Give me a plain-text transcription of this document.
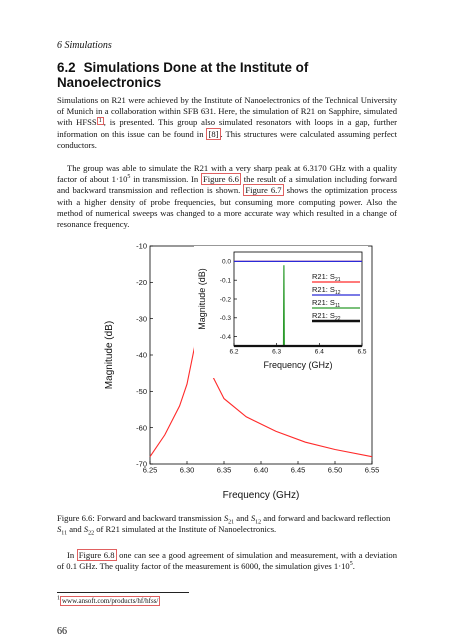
6 Simulations
6.2 Simulations Done at the Institute of Nanoelectronics

Simulations on R21 were achieved by the Institute of Nanoelectronics of the Technical University of Munich in a collaboration within SFB 631. Here, the simulation of R21 on Sapphire, simulated with HFSS $^1$ , is presented. This group also simulated resonators with loops in a gap, further information on this issue can be found in [8] . This structures were calculated assuming perfect conductors.

The group was able to simulate the R21 with a very sharp peak at 6.3170 GHz with a quality factor of about $1\cdot 10^5$ in transmission. In Figure 6.6 the result of a simulation including forward and backward transmission and reflection is shown. Figure 6.7 shows the optimization process with a higher density of probe frequencies, but consuming more computing power. Also the method of numerical sweeps was changed to a more accurate way which resulted in a change of resonance frequency.

6.25	6.30	6.35	6.40	6.45	6.50	6.55
-10
-20
-30
-40
-50
-60
-70
Frequency (GHz)
Magnitude (dB)	6.2	6.3	6.4	6.5
0.0
-0.1
-0.2
-0.3
-0.4
Frequency (GHz)
Magnitude (dB)	R21: $S_{21}$
R21: $S_{12}$
R21: $S_{11}$
R21: $S_{22}$

Figure 6.6: Forward and backward transmission $S_{21}$ and $S_{12}$ and forward and backward reflection $S_{11}$ and $S_{22}$ of R21 simulated at the Institute of Nanoelectronics.

In Figure 6.8 one can see a good agreement of simulation and measurement, with a deviation of 0.1 GHz. The quality factor of the measurement is 6000, the simulation gives $1\cdot 10^5$.

$^1$ www.ansoft.com/products/hf/hfss/
66
